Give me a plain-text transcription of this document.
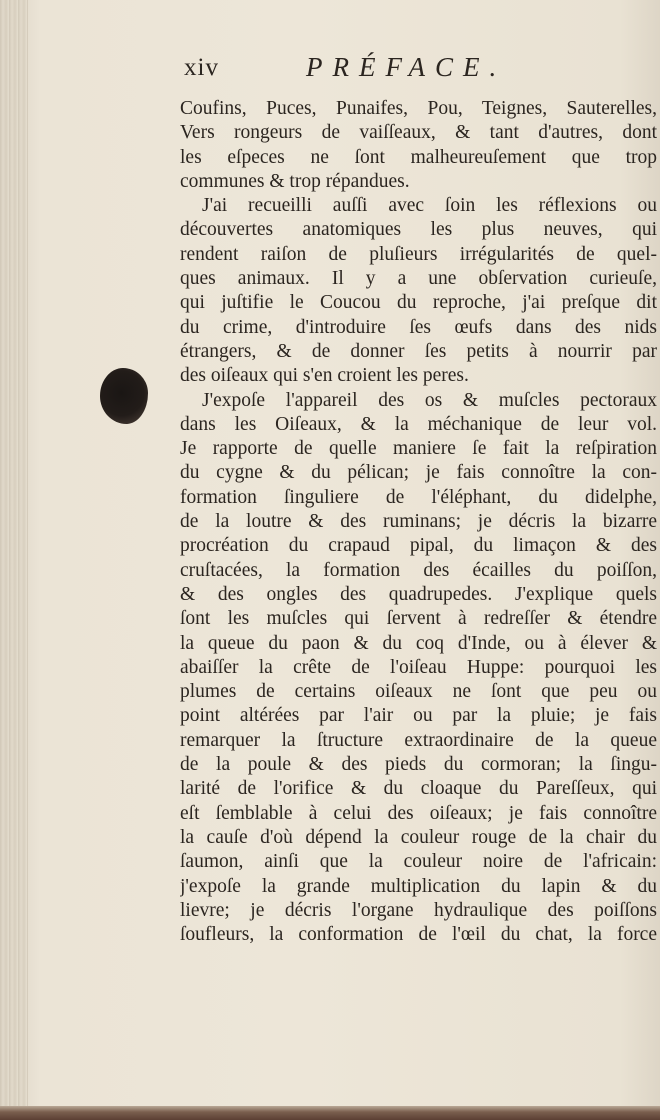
xiv	PRÉFACE.
Coufins, Puces, Punaifes, Pou, Teignes, Sauterelles,
Vers rongeurs de vaiſſeaux, & tant d'autres, dont
les eſpeces ne ſont malheureuſement que trop
communes & trop répandues.
J'ai recueilli auſſi avec ſoin les réflexions ou
découvertes anatomiques les plus neuves, qui
rendent raiſon de pluſieurs irrégularités de quel-
ques animaux. Il y a une obſervation curieuſe,
qui juſtifie le Coucou du reproche, j'ai preſque dit
du crime, d'introduire ſes œufs dans des nids
étrangers, & de donner ſes petits à nourrir par
des oiſeaux qui s'en croient les peres.
J'expoſe l'appareil des os & muſcles pectoraux
dans les Oiſeaux, & la méchanique de leur vol.
Je rapporte de quelle maniere ſe fait la reſpiration
du cygne & du pélican; je fais connoître la con-
formation ſinguliere de l'éléphant, du didelphe,
de la loutre & des ruminans; je décris la bizarre
procréation du crapaud pipal, du limaçon & des
cruſtacées, la formation des écailles du poiſſon,
& des ongles des quadrupedes. J'explique quels
ſont les muſcles qui ſervent à redreſſer & étendre
la queue du paon & du coq d'Inde, ou à élever &
abaiſſer la crête de l'oiſeau Huppe: pourquoi les
plumes de certains oiſeaux ne ſont que peu ou
point altérées par l'air ou par la pluie; je fais
remarquer la ſtructure extraordinaire de la queue
de la poule & des pieds du cormoran; la ſingu-
larité de l'orifice & du cloaque du Pareſſeux, qui
eſt ſemblable à celui des oiſeaux; je fais connoître
la cauſe d'où dépend la couleur rouge de la chair du
ſaumon, ainſi que la couleur noire de l'africain:
j'expoſe la grande multiplication du lapin & du
lievre; je décris l'organe hydraulique des poiſſons
ſoufleurs, la conformation de l'œil du chat, la force
